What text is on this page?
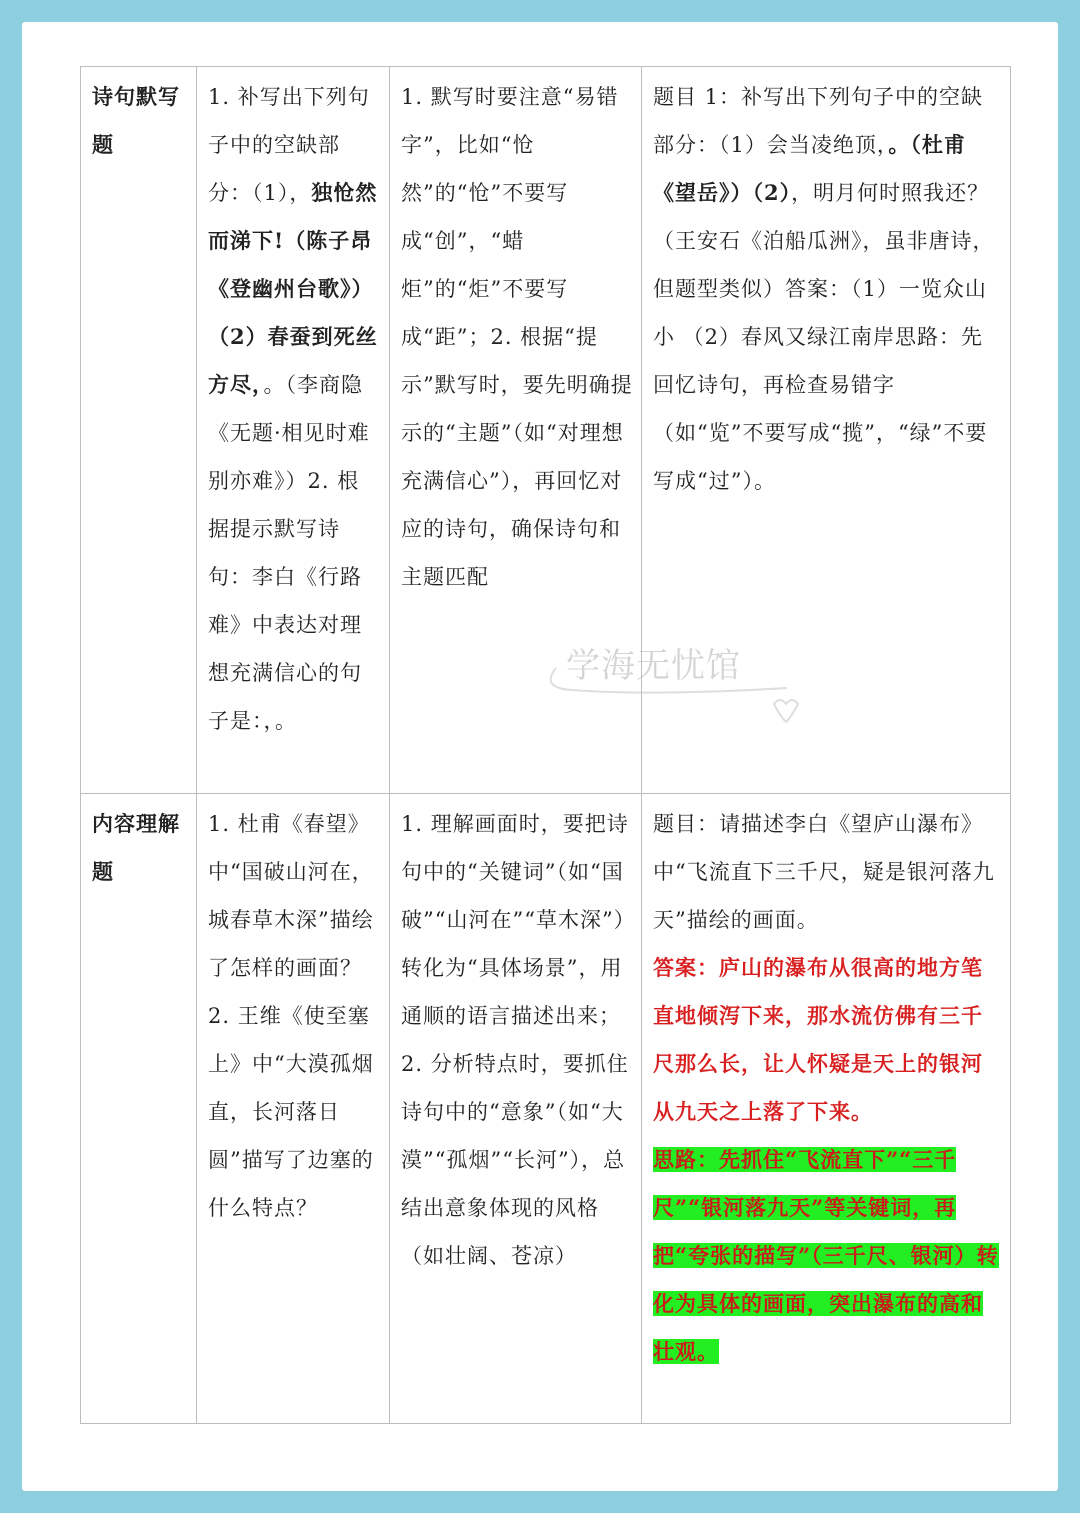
诗句默写题	1. 补写出下列句子中的空缺部分：（1），独怆然而涕下!（陈子昂《登幽州台歌》）（2）春蚕到死丝方尽，。（李商隐《无题·相见时难别亦难》）2. 根据提示默写诗句：李白《行路难》中表达对理想充满信心的句子是：，。	1. 默写时要注意“易错字”，比如“怆然”的“怆”不要写成“创”，“蜡炬”的“炬”不要写成“距”；2. 根据“提示”默写时，要先明确提示的“主题”（如“对理想充满信心”），再回忆对应的诗句，确保诗句和主题匹配	题目 1：补写出下列句子中的空缺部分：（1）会当凌绝顶，。（杜甫《望岳》）（2），明月何时照我还？（王安石《泊船瓜洲》，虽非唐诗，但题型类似）答案：（1）一览众山小 （2）春风又绿江南岸思路：先回忆诗句，再检查易错字（如“览”不要写成“揽”，“绿”不要写成“过”）。
内容理解题	1. 杜甫《春望》中“国破山河在，城春草木深”描绘了怎样的画面？2. 王维《使至塞上》中“大漠孤烟直，长河落日圆”描写了边塞的什么特点？	1. 理解画面时，要把诗句中的“关键词”（如“国破”“山河在”“草木深”）转化为“具体场景”，用通顺的语言描述出来；2. 分析特点时，要抓住诗句中的“意象”（如“大漠”“孤烟”“长河”），总结出意象体现的风格（如壮阔、苍凉）	题目：请描述李白《望庐山瀑布》中“飞流直下三千尺，疑是银河落九天”描绘的画面。
答案：庐山的瀑布从很高的地方笔直地倾泻下来，那水流仿佛有三千尺那么长，让人怀疑是天上的银河从九天之上落了下来。
思路：先抓住“飞流直下”“三千尺”“银河落九天”等关键词，再把“夸张的描写”（三千尺、银河）转化为具体的画面，突出瀑布的高和壮观。
学海无忧馆
